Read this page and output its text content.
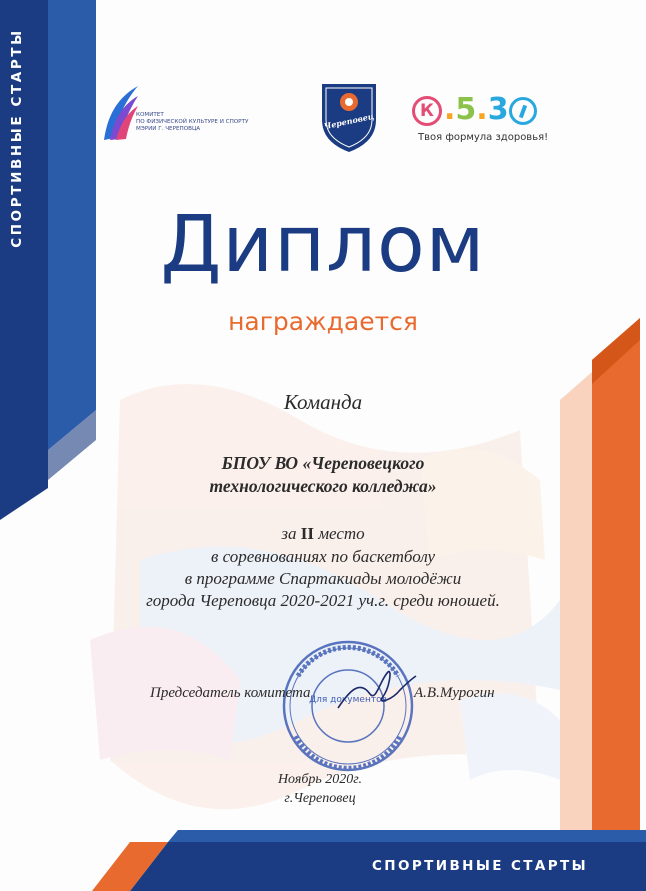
СПОРТИВНЫЕ СТАРТЫ
СПОРТИВНЫЕ СТАРТЫ
КОМИТЕТ
ПО ФИЗИЧЕСКОЙ КУЛЬТУРЕ И СПОРТУ
МЭРИИ Г. ЧЕРЕПОВЦА	Череповец
К .5.3
Твоя формула здоровья!
Диплом
награждается
Команда
БПОУ ВО «Череповецкого
технологического колледжа»
за II место
в соревнованиях по баскетболу
в программе Спартакиады молодёжи
города Череповца 2020-2021 уч.г. среди юношей.
Для документов
Председатель комитета	А.В.Мурогин
Ноябрь 2020г.
г.Череповец
